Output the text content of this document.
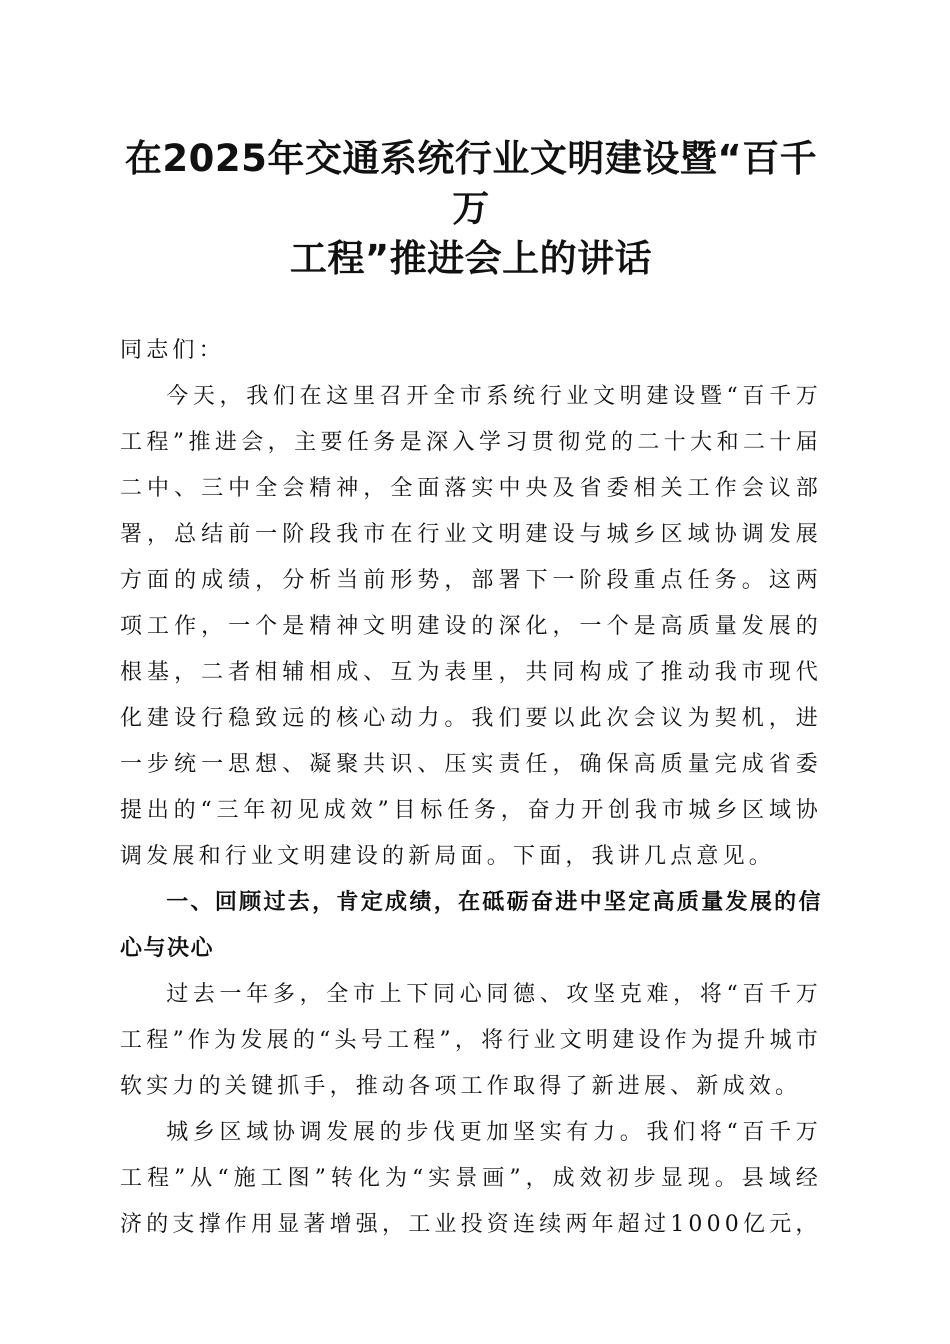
在2025年交通系统行业文明建设暨“百千万
工程”推进会上的讲话

同志们：

今天，我们在这里召开全市系统行业文明建设暨“百千万工程”推进会，主要任务是深入学习贯彻党的二十大和二十届二中、三中全会精神，全面落实中央及省委相关工作会议部署，总结前一阶段我市在行业文明建设与城乡区域协调发展方面的成绩，分析当前形势，部署下一阶段重点任务。这两项工作，一个是精神文明建设的深化，一个是高质量发展的根基，二者相辅相成、互为表里，共同构成了推动我市现代化建设行稳致远的核心动力。我们要以此次会议为契机，进一步统一思想、凝聚共识、压实责任，确保高质量完成省委提出的“三年初见成效”目标任务，奋力开创我市城乡区域协调发展和行业文明建设的新局面。下面，我讲几点意见。

一、回顾过去，肯定成绩，在砥砺奋进中坚定高质量发展的信心与决心

过去一年多，全市上下同心同德、攻坚克难，将“百千万工程”作为发展的“头号工程”，将行业文明建设作为提升城市软实力的关键抓手，推动各项工作取得了新进展、新成效。

城乡区域协调发展的步伐更加坚实有力。我们将“百千万工程”从“施工图”转化为“实景画”，成效初步显现。县域经济的支撑作用显著增强，工业投资连续两年超过1000亿元，
